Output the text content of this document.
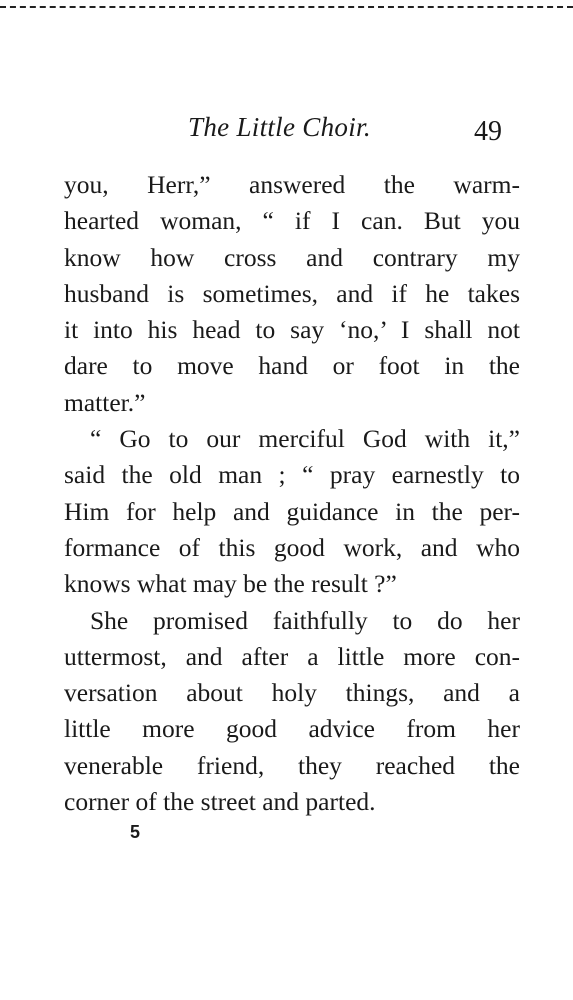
The Little Choir.	49
you, Herr,” answered the warm-
hearted woman, “ if I can. But you
know how cross and contrary my
husband is sometimes, and if he takes
it into his head to say ‘no,’ I shall not
dare to move hand or foot in the
matter.”
“ Go to our merciful God with it,”
said the old man ; “ pray earnestly to
Him for help and guidance in the per-
formance of this good work, and who
knows what may be the result ?”
She promised faithfully to do her
uttermost, and after a little more con-
versation about holy things, and a
little more good advice from her
venerable friend, they reached the
corner of the street and parted.
5
